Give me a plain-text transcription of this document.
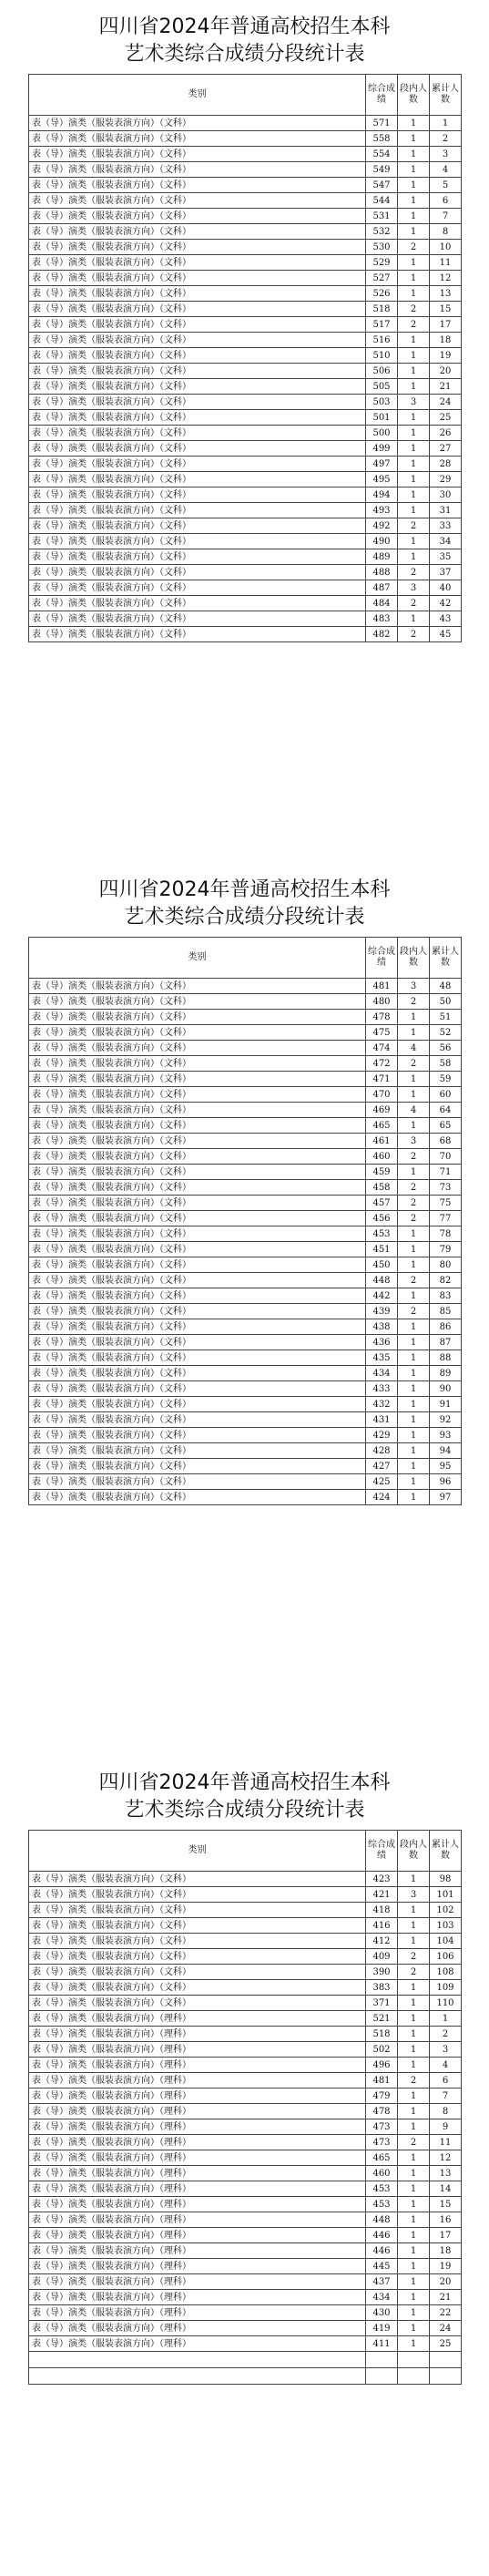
四川省2024年普通高校招生本科
艺术类综合成绩分段统计表
类别	综合成绩	段内人数	累计人数
表（导）演类（服装表演方向）（文科）	571	1	1
表（导）演类（服装表演方向）（文科）	558	1	2
表（导）演类（服装表演方向）（文科）	554	1	3
表（导）演类（服装表演方向）（文科）	549	1	4
表（导）演类（服装表演方向）（文科）	547	1	5
表（导）演类（服装表演方向）（文科）	544	1	6
表（导）演类（服装表演方向）（文科）	531	1	7
表（导）演类（服装表演方向）（文科）	532	1	8
表（导）演类（服装表演方向）（文科）	530	2	10
表（导）演类（服装表演方向）（文科）	529	1	11
表（导）演类（服装表演方向）（文科）	527	1	12
表（导）演类（服装表演方向）（文科）	526	1	13
表（导）演类（服装表演方向）（文科）	518	2	15
表（导）演类（服装表演方向）（文科）	517	2	17
表（导）演类（服装表演方向）（文科）	516	1	18
表（导）演类（服装表演方向）（文科）	510	1	19
表（导）演类（服装表演方向）（文科）	506	1	20
表（导）演类（服装表演方向）（文科）	505	1	21
表（导）演类（服装表演方向）（文科）	503	3	24
表（导）演类（服装表演方向）（文科）	501	1	25
表（导）演类（服装表演方向）（文科）	500	1	26
表（导）演类（服装表演方向）（文科）	499	1	27
表（导）演类（服装表演方向）（文科）	497	1	28
表（导）演类（服装表演方向）（文科）	495	1	29
表（导）演类（服装表演方向）（文科）	494	1	30
表（导）演类（服装表演方向）（文科）	493	1	31
表（导）演类（服装表演方向）（文科）	492	2	33
表（导）演类（服装表演方向）（文科）	490	1	34
表（导）演类（服装表演方向）（文科）	489	1	35
表（导）演类（服装表演方向）（文科）	488	2	37
表（导）演类（服装表演方向）（文科）	487	3	40
表（导）演类（服装表演方向）（文科）	484	2	42
表（导）演类（服装表演方向）（文科）	483	1	43
表（导）演类（服装表演方向）（文科）	482	2	45
四川省2024年普通高校招生本科
艺术类综合成绩分段统计表
类别	综合成绩	段内人数	累计人数
表（导）演类（服装表演方向）（文科）	481	3	48
表（导）演类（服装表演方向）（文科）	480	2	50
表（导）演类（服装表演方向）（文科）	478	1	51
表（导）演类（服装表演方向）（文科）	475	1	52
表（导）演类（服装表演方向）（文科）	474	4	56
表（导）演类（服装表演方向）（文科）	472	2	58
表（导）演类（服装表演方向）（文科）	471	1	59
表（导）演类（服装表演方向）（文科）	470	1	60
表（导）演类（服装表演方向）（文科）	469	4	64
表（导）演类（服装表演方向）（文科）	465	1	65
表（导）演类（服装表演方向）（文科）	461	3	68
表（导）演类（服装表演方向）（文科）	460	2	70
表（导）演类（服装表演方向）（文科）	459	1	71
表（导）演类（服装表演方向）（文科）	458	2	73
表（导）演类（服装表演方向）（文科）	457	2	75
表（导）演类（服装表演方向）（文科）	456	2	77
表（导）演类（服装表演方向）（文科）	453	1	78
表（导）演类（服装表演方向）（文科）	451	1	79
表（导）演类（服装表演方向）（文科）	450	1	80
表（导）演类（服装表演方向）（文科）	448	2	82
表（导）演类（服装表演方向）（文科）	442	1	83
表（导）演类（服装表演方向）（文科）	439	2	85
表（导）演类（服装表演方向）（文科）	438	1	86
表（导）演类（服装表演方向）（文科）	436	1	87
表（导）演类（服装表演方向）（文科）	435	1	88
表（导）演类（服装表演方向）（文科）	434	1	89
表（导）演类（服装表演方向）（文科）	433	1	90
表（导）演类（服装表演方向）（文科）	432	1	91
表（导）演类（服装表演方向）（文科）	431	1	92
表（导）演类（服装表演方向）（文科）	429	1	93
表（导）演类（服装表演方向）（文科）	428	1	94
表（导）演类（服装表演方向）（文科）	427	1	95
表（导）演类（服装表演方向）（文科）	425	1	96
表（导）演类（服装表演方向）（文科）	424	1	97
四川省2024年普通高校招生本科
艺术类综合成绩分段统计表
类别	综合成绩	段内人数	累计人数
表（导）演类（服装表演方向）（文科）	423	1	98
表（导）演类（服装表演方向）（文科）	421	3	101
表（导）演类（服装表演方向）（文科）	418	1	102
表（导）演类（服装表演方向）（文科）	416	1	103
表（导）演类（服装表演方向）（文科）	412	1	104
表（导）演类（服装表演方向）（文科）	409	2	106
表（导）演类（服装表演方向）（文科）	390	2	108
表（导）演类（服装表演方向）（文科）	383	1	109
表（导）演类（服装表演方向）（文科）	371	1	110
表（导）演类（服装表演方向）（理科）	521	1	1
表（导）演类（服装表演方向）（理科）	518	1	2
表（导）演类（服装表演方向）（理科）	502	1	3
表（导）演类（服装表演方向）（理科）	496	1	4
表（导）演类（服装表演方向）（理科）	481	2	6
表（导）演类（服装表演方向）（理科）	479	1	7
表（导）演类（服装表演方向）（理科）	478	1	8
表（导）演类（服装表演方向）（理科）	473	1	9
表（导）演类（服装表演方向）（理科）	473	2	11
表（导）演类（服装表演方向）（理科）	465	1	12
表（导）演类（服装表演方向）（理科）	460	1	13
表（导）演类（服装表演方向）（理科）	453	1	14
表（导）演类（服装表演方向）（理科）	453	1	15
表（导）演类（服装表演方向）（理科）	448	1	16
表（导）演类（服装表演方向）（理科）	446	1	17
表（导）演类（服装表演方向）（理科）	446	1	18
表（导）演类（服装表演方向）（理科）	445	1	19
表（导）演类（服装表演方向）（理科）	437	1	20
表（导）演类（服装表演方向）（理科）	434	1	21
表（导）演类（服装表演方向）（理科）	430	1	22
表（导）演类（服装表演方向）（理科）	419	1	24
表（导）演类（服装表演方向）（理科）	411	1	25
